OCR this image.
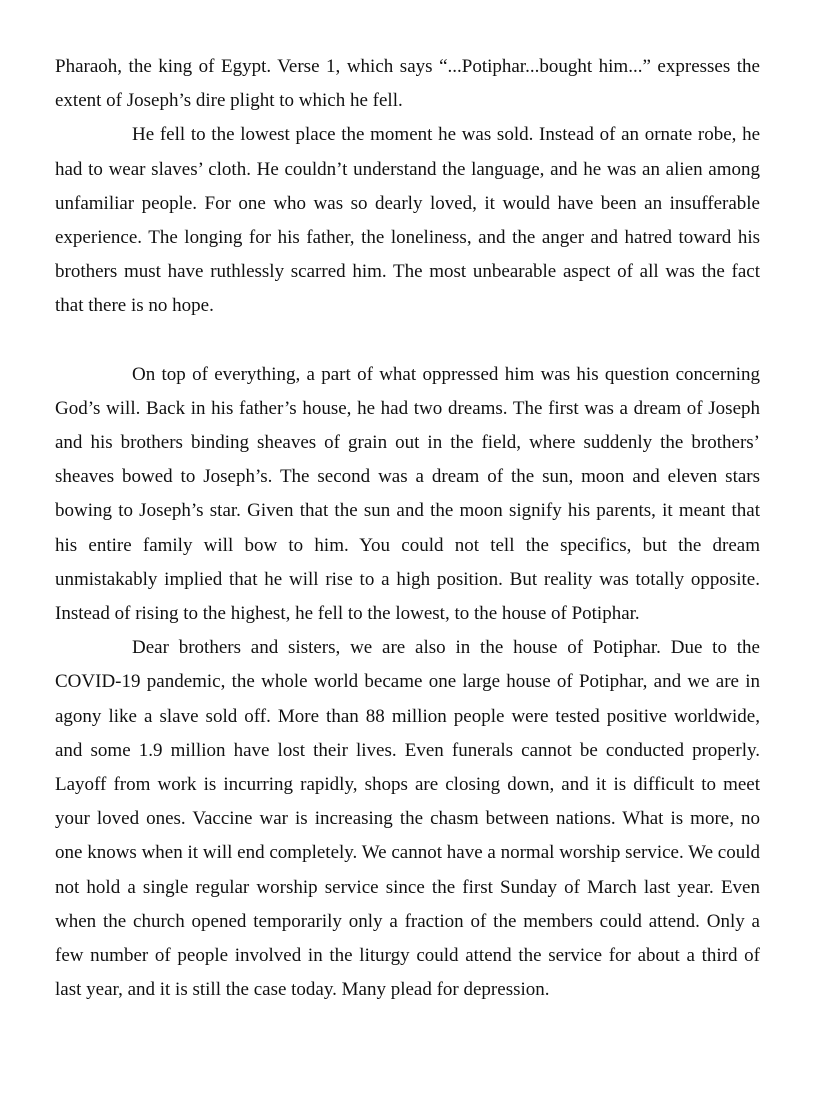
Pharaoh, the king of Egypt. Verse 1, which says “...Potiphar...bought him...” expresses the extent of Joseph’s dire plight to which he fell.

He fell to the lowest place the moment he was sold. Instead of an ornate robe, he had to wear slaves’ cloth. He couldn’t understand the language, and he was an alien among unfamiliar people. For one who was so dearly loved, it would have been an insufferable experience. The longing for his father, the loneliness, and the anger and hatred toward his brothers must have ruthlessly scarred him. The most unbearable aspect of all was the fact that there is no hope.

On top of everything, a part of what oppressed him was his question concerning God’s will. Back in his father’s house, he had two dreams. The first was a dream of Joseph and his brothers binding sheaves of grain out in the field, where suddenly the brothers’ sheaves bowed to Joseph’s. The second was a dream of the sun, moon and eleven stars bowing to Joseph’s star. Given that the sun and the moon signify his parents, it meant that his entire family will bow to him. You could not tell the specifics, but the dream unmistakably implied that he will rise to a high position. But reality was totally opposite. Instead of rising to the highest, he fell to the lowest, to the house of Potiphar.

Dear brothers and sisters, we are also in the house of Potiphar. Due to the COVID-19 pandemic, the whole world became one large house of Potiphar, and we are in agony like a slave sold off. More than 88 million people were tested positive worldwide, and some 1.9 million have lost their lives. Even funerals cannot be conducted properly. Layoff from work is incurring rapidly, shops are closing down, and it is difficult to meet your loved ones. Vaccine war is increasing the chasm between nations. What is more, no one knows when it will end completely. We cannot have a normal worship service. We could not hold a single regular worship service since the first Sunday of March last year. Even when the church opened temporarily only a fraction of the members could attend. Only a few number of people involved in the liturgy could attend the service for about a third of last year, and it is still the case today. Many plead for depression.
